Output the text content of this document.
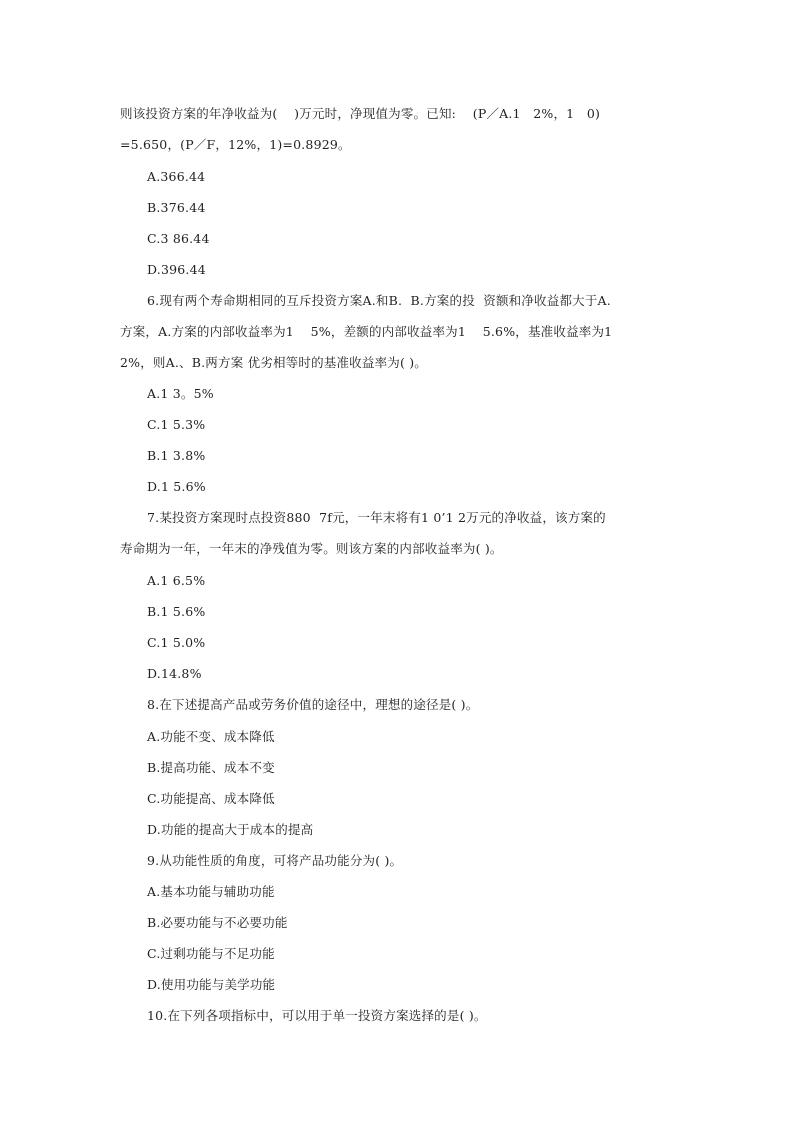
则该投资方案的年净收益为(    )万元时，净现值为零。已知:    (P／A.1   2%，1   0)
=5.650，(P／F，12%，1)=0.8929。
A.366.44
B.376.44
C.3 86.44
D.396.44
6.现有两个寿命期相同的互斥投资方案A.和B.  B.方案的投  资额和净收益都大于A.
方案，A.方案的内部收益率为1    5%，差额的内部收益率为1    5.6%，基准收益率为1
2%，则A.、B.两方案 优劣相等时的基准收益率为( )。
A.1 3。5%
C.1 5.3%
B.1 3.8%
D.1 5.6%
7.某投资方案现时点投资880  7f元，一年末将有1 0’1 2万元的净收益，该方案的
寿命期为一年，一年末的净残值为零。则该方案的内部收益率为( )。
A.1 6.5%
B.1 5.6%
C.1 5.0%
D.14.8%
8.在下述提高产品或劳务价值的途径中，理想的途径是( )。
A.功能不变、成本降低
B.提高功能、成本不变
C.功能提高、成本降低
D.功能的提高大于成本的提高
9.从功能性质的角度，可将产品功能分为( )。
A.基本功能与辅助功能
B.必要功能与不必要功能
C.过剩功能与不足功能
D.使用功能与美学功能
10.在下列各项指标中，可以用于单一投资方案选择的是( )。
